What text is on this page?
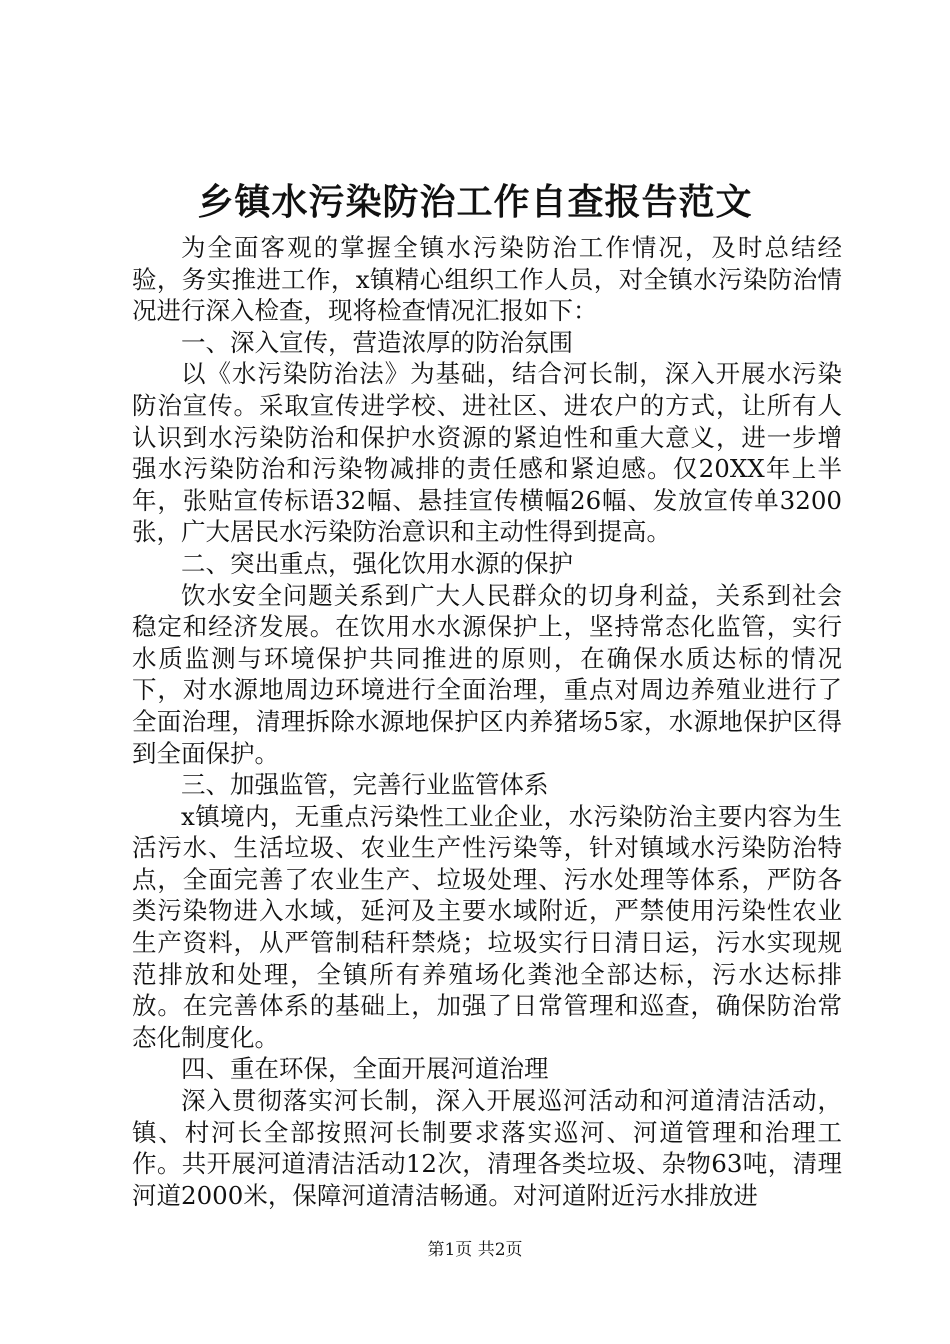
乡镇水污染防治工作自查报告范文

为全面客观的掌握全镇水污染防治工作情况，及时总结经验，务实推进工作，x镇精心组织工作人员，对全镇水污染防治情况进行深入检查，现将检查情况汇报如下：

一、深入宣传，营造浓厚的防治氛围

以《水污染防治法》为基础，结合河长制，深入开展水污染防治宣传。采取宣传进学校、进社区、进农户的方式，让所有人认识到水污染防治和保护水资源的紧迫性和重大意义，进一步增强水污染防治和污染物减排的责任感和紧迫感。仅20XX年上半年，张贴宣传标语32幅、悬挂宣传横幅26幅、发放宣传单3200张，广大居民水污染防治意识和主动性得到提高。

二、突出重点，强化饮用水源的保护

饮水安全问题关系到广大人民群众的切身利益，关系到社会稳定和经济发展。在饮用水水源保护上，坚持常态化监管，实行水质监测与环境保护共同推进的原则，在确保水质达标的情况下，对水源地周边环境进行全面治理，重点对周边养殖业进行了全面治理，清理拆除水源地保护区内养猪场5家，水源地保护区得到全面保护。

三、加强监管，完善行业监管体系

x镇境内，无重点污染性工业企业，水污染防治主要内容为生活污水、生活垃圾、农业生产性污染等，针对镇域水污染防治特点，全面完善了农业生产、垃圾处理、污水处理等体系，严防各类污染物进入水域，延河及主要水域附近，严禁使用污染性农业生产资料，从严管制秸秆禁烧；垃圾实行日清日运，污水实现规范排放和处理，全镇所有养殖场化粪池全部达标，污水达标排放。在完善体系的基础上，加强了日常管理和巡查，确保防治常态化制度化。

四、重在环保，全面开展河道治理

深入贯彻落实河长制，深入开展巡河活动和河道清洁活动，镇、村河长全部按照河长制要求落实巡河、河道管理和治理工作。共开展河道清洁活动12次，清理各类垃圾、杂物63吨，清理河道2000米，保障河道清洁畅通。对河道附近污水排放进

第1页 共2页
